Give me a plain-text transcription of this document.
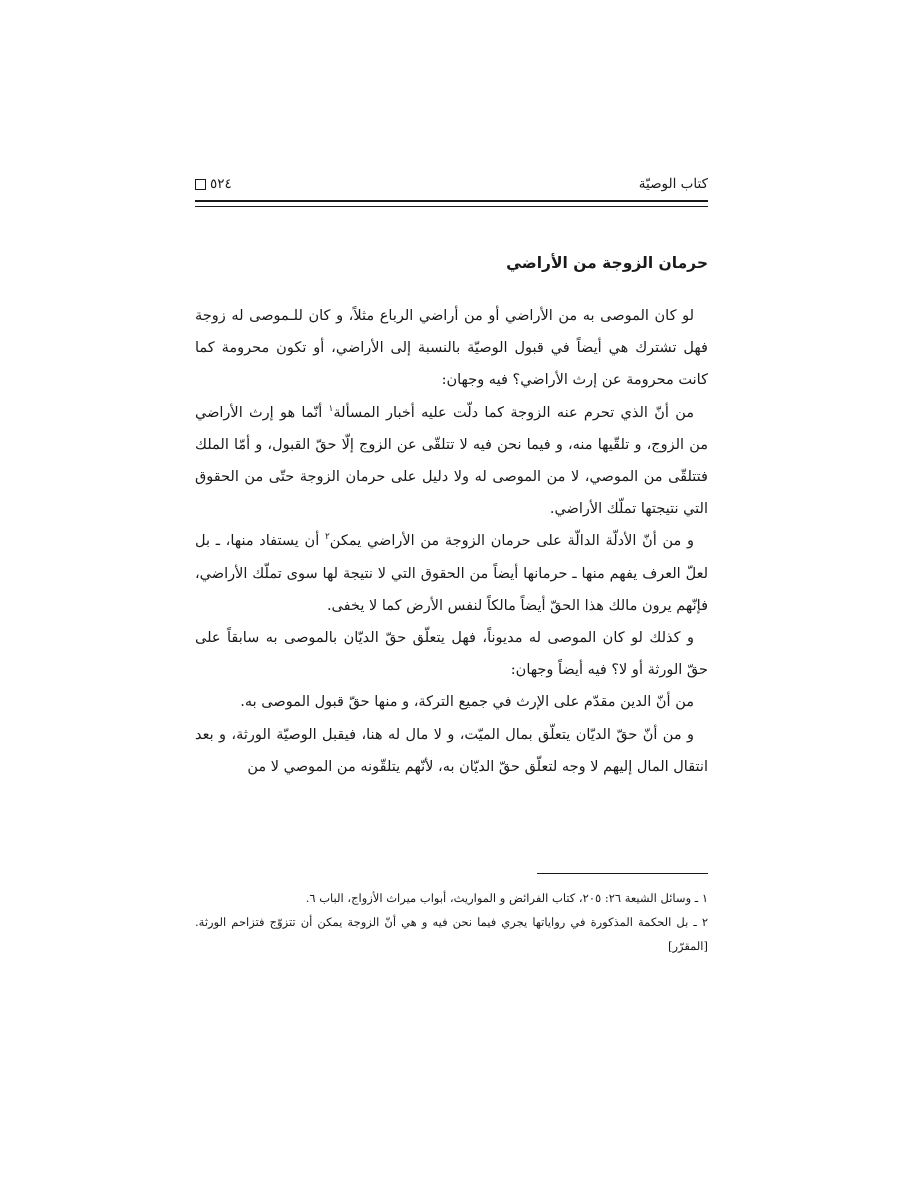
كتاب الوصيّة
٥٢٤
حرمان الزوجة من الأراضي

لو كان الموصى به من الأراضي أو من أراضي الرباع مثلاً، و كان للـموصى له زوجة فهل تشترك هي أيضاً في قبول الوصيّة بالنسبة إلى الأراضي، أو تكون محرومة كما كانت محرومة عن إرث الأراضي؟ فيه وجهان:

من أنّ الذي تحرم عنه الزوجة كما دلّت عليه أخبار المسألة$^١$ أنّما هو إرث الأراضي من الزوج، و تلقّيها منه، و فيما نحن فيه لا تتلقّى عن الزوج إلّا حقّ القبول، و أمّا الملك فتتلقّى من الموصي، لا من الموصى له ولا دليل على حرمان الزوجة حتّى من الحقوق التي نتيجتها تملّك الأراضي.

و من أنّ الأدلّة الدالّة على حرمان الزوجة من الأراضي يمكن$^٢$ أن يستفاد منها، ـ بل لعلّ العرف يفهم منها ـ حرمانها أيضاً من الحقوق التي لا نتيجة لها سوى تملّك الأراضي، فإنّهم يرون مالك هذا الحقّ أيضاً مالكاً لنفس الأرض كما لا يخفى.

و كذلك لو كان الموصى له مديوناً، فهل يتعلّق حقّ الديّان بالموصى به سابقاً على حقّ الورثة أو لا؟ فيه أيضاً وجهان:

من أنّ الدين مقدّم على الإرث في جميع التركة، و منها حقّ قبول الموصى به.

و من أنّ حقّ الديّان يتعلّق بمال الميّت، و لا مال له هنا، فيقبل الوصيّة الورثة، و بعد انتقال المال إليهم لا وجه لتعلّق حقّ الديّان به، لأنّهم يتلقّونه من الموصي لا من

١ ـ وسائل الشيعة ٢٦: ٢٠٥، كتاب الفرائض و المواريث، أبواب ميراث الأزواج، الباب ٦.

٢ ـ بل الحكمة المذكورة في رواياتها يجري فيما نحن فيه و هي أنّ الزوجة يمكن أن تتزوّج فتزاحم الورثة. [المقرّر]
